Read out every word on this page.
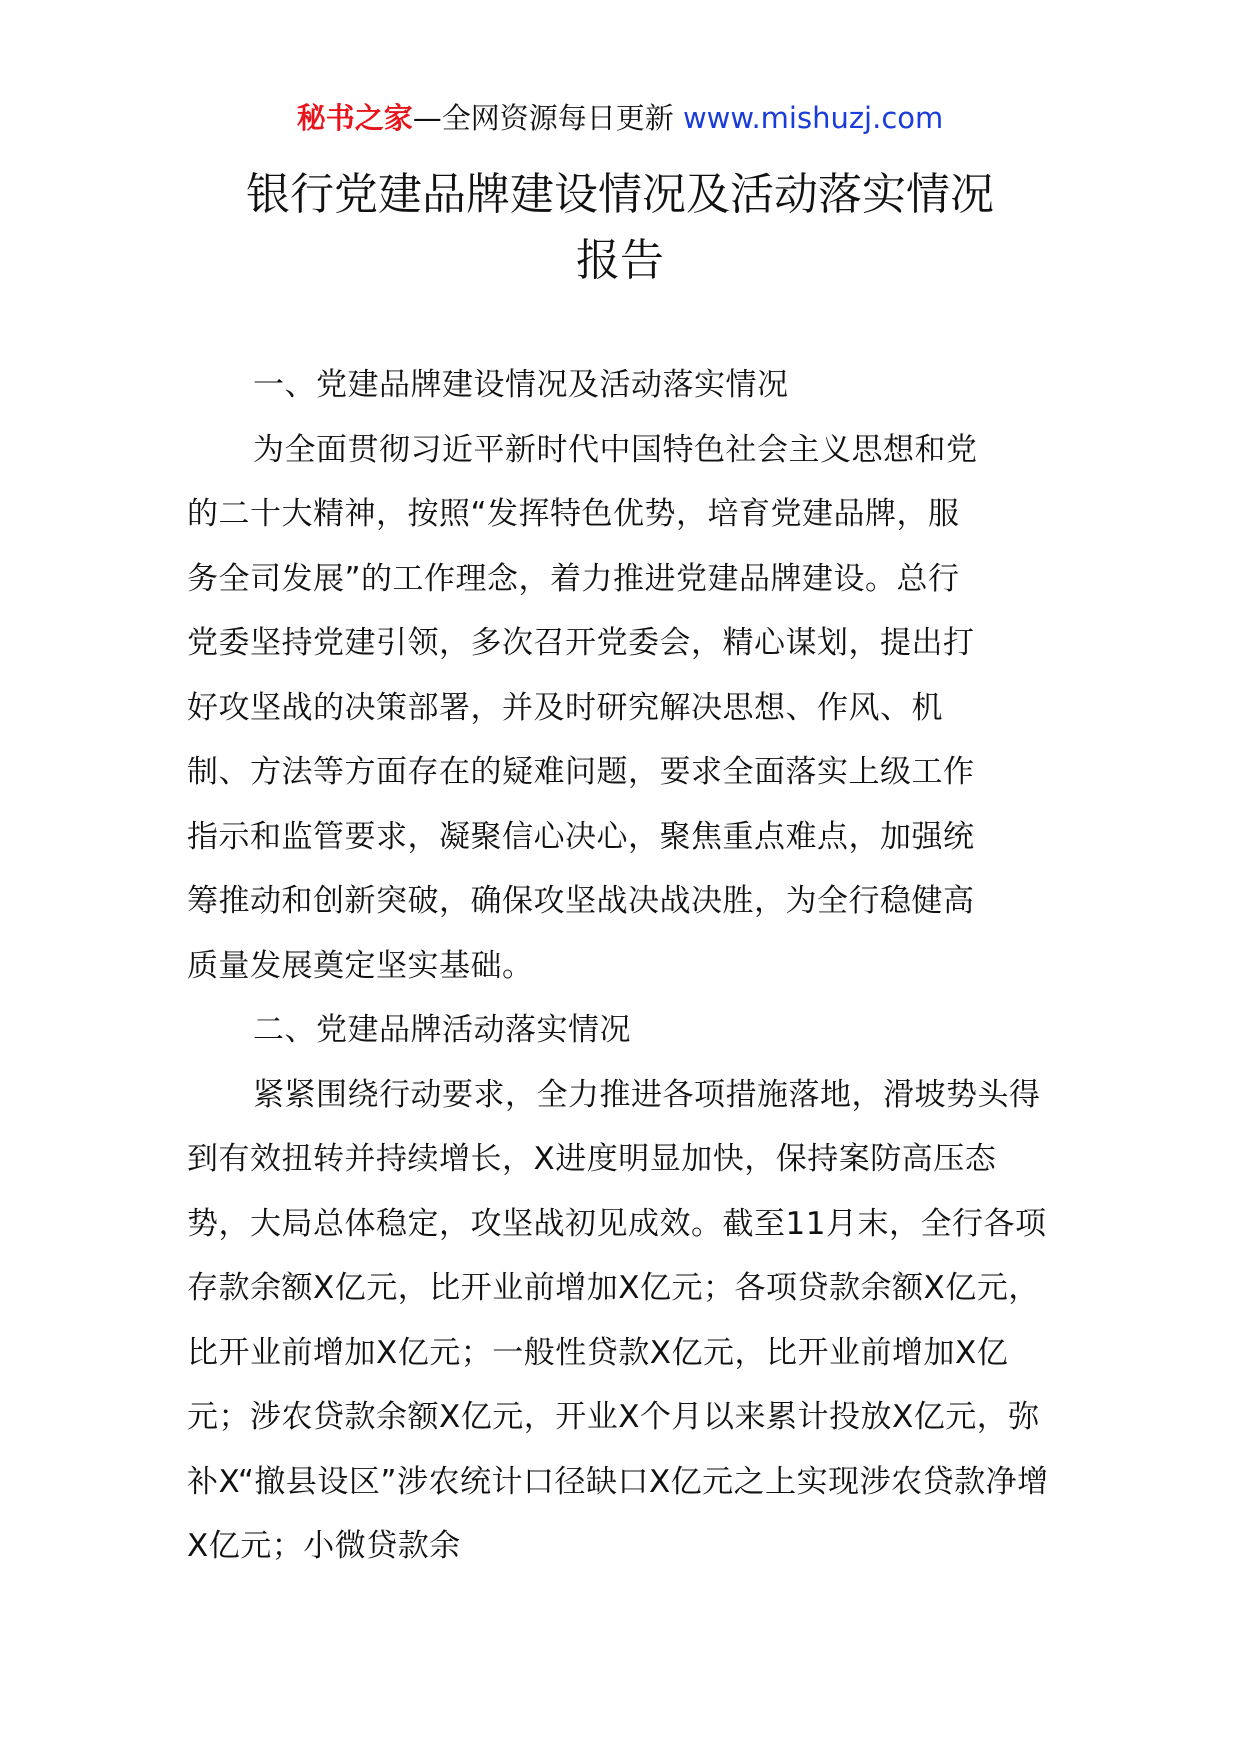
秘书之家—全网资源每日更新 www.mishuzj.com
银行党建品牌建设情况及活动落实情况
报告
一、党建品牌建设情况及活动落实情况
为全面贯彻习近平新时代中国特色社会主义思想和党
的二十大精神，按照“发挥特色优势，培育党建品牌，服
务全司发展”的工作理念，着力推进党建品牌建设。总行
党委坚持党建引领，多次召开党委会，精心谋划，提出打
好攻坚战的决策部署，并及时研究解决思想、作风、机
制、方法等方面存在的疑难问题，要求全面落实上级工作
指示和监管要求，凝聚信心决心，聚焦重点难点，加强统
筹推动和创新突破，确保攻坚战决战决胜，为全行稳健高
质量发展奠定坚实基础。
二、党建品牌活动落实情况
紧紧围绕行动要求，全力推进各项措施落地，滑坡势头得到有效扭转并持续增长，X进度明显加快，保持案防高压态势，大局总体稳定，攻坚战初见成效。截至11月末，全行各项存款余额X亿元，比开业前增加X亿元；各项贷款余额X亿元，比开业前增加X亿元；一般性贷款X亿元，比开业前增加X亿元；涉农贷款余额X亿元，开业X个月以来累计投放X亿元，弥补X“撤县设区”涉农统计口径缺口X亿元之上实现涉农贷款净增X亿元；小微贷款余
